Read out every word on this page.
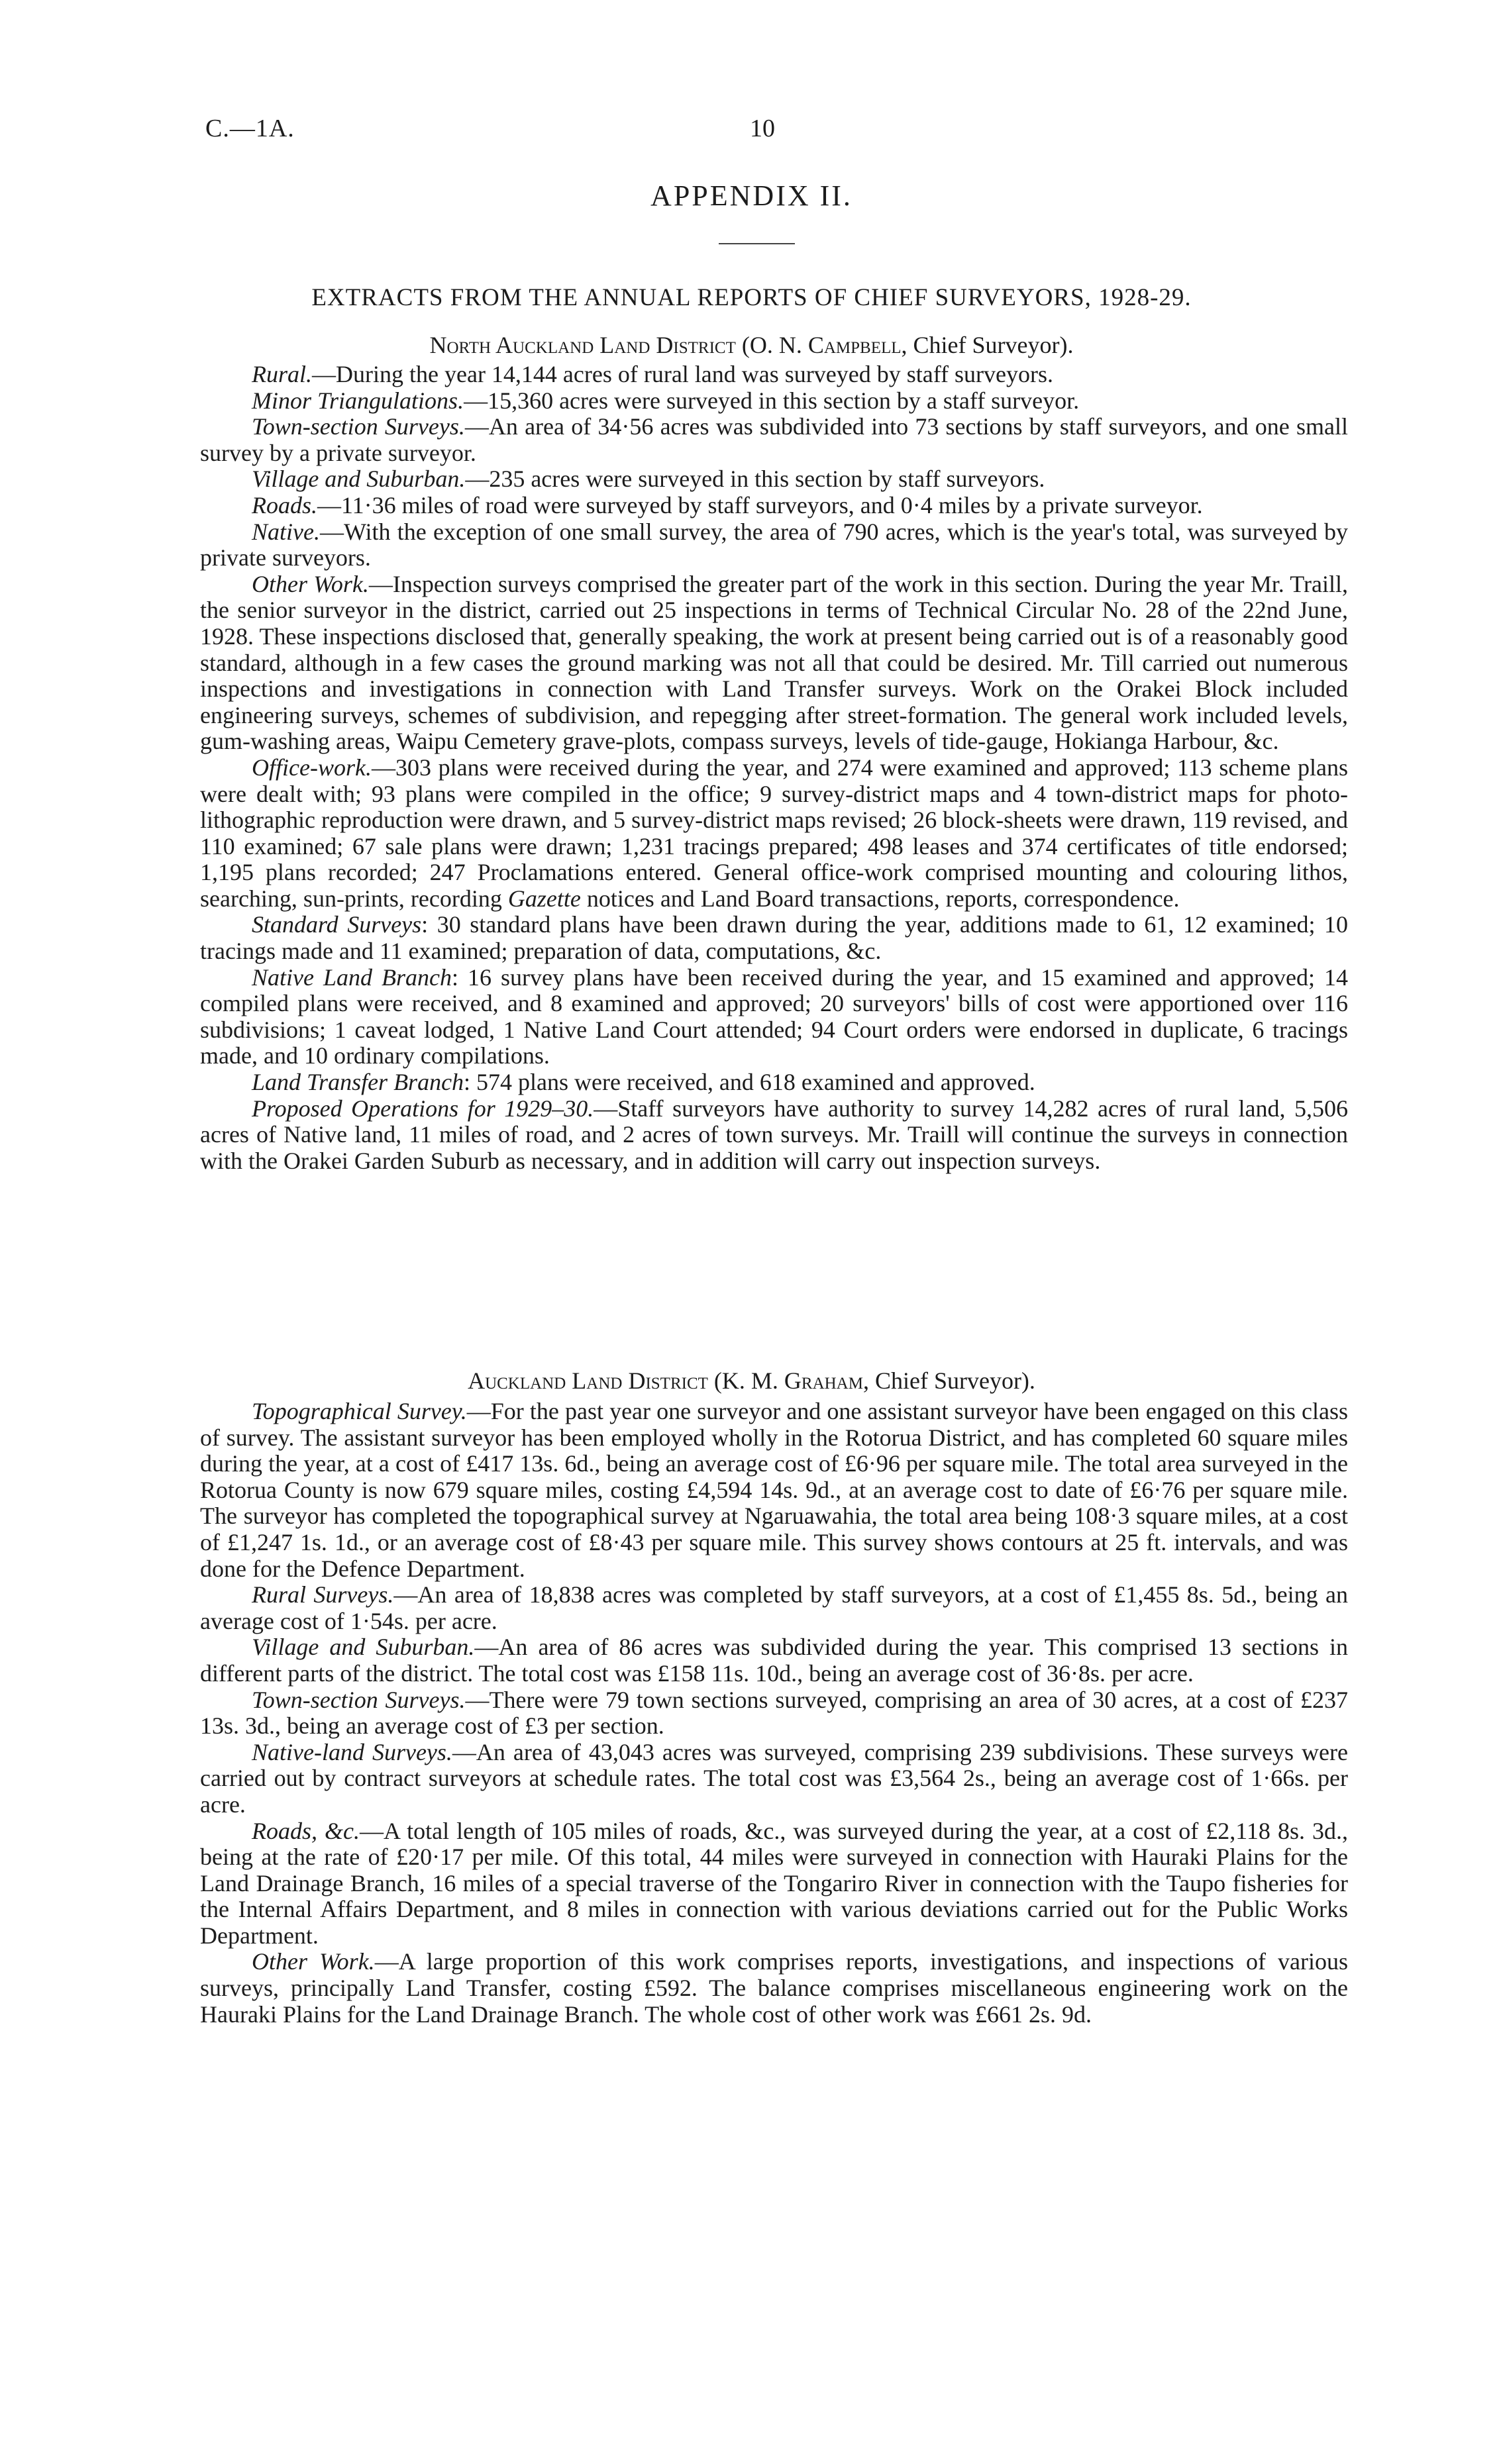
C.—1A.	10
APPENDIX II.
EXTRACTS FROM THE ANNUAL REPORTS OF CHIEF SURVEYORS, 1928-29.
North Auckland Land District (O. N. Campbell, Chief Surveyor).

Rural.—During the year 14,144 acres of rural land was surveyed by staff surveyors.

Minor Triangulations.—15,360 acres were surveyed in this section by a staff surveyor.

Town-section Surveys.—An area of 34·56 acres was subdivided into 73 sections by staff surveyors, and one small survey by a private surveyor.

Village and Suburban.—235 acres were surveyed in this section by staff surveyors.

Roads.—11·36 miles of road were surveyed by staff surveyors, and 0·4 miles by a private surveyor.

Native.—With the exception of one small survey, the area of 790 acres, which is the year's total, was surveyed by private surveyors.

Other Work.—Inspection surveys comprised the greater part of the work in this section. During the year Mr. Traill, the senior surveyor in the district, carried out 25 inspections in terms of Technical Circular No. 28 of the 22nd June, 1928. These inspections disclosed that, generally speaking, the work at present being carried out is of a reasonably good standard, although in a few cases the ground marking was not all that could be desired. Mr. Till carried out numerous inspections and investigations in connection with Land Transfer surveys. Work on the Orakei Block included engineering surveys, schemes of subdivision, and repegging after street-formation. The general work included levels, gum-washing areas, Waipu Cemetery grave-plots, compass surveys, levels of tide-gauge, Hokianga Harbour, &c.

Office-work.—303 plans were received during the year, and 274 were examined and approved; 113 scheme plans were dealt with; 93 plans were compiled in the office; 9 survey-district maps and 4 town-district maps for photo-lithographic reproduction were drawn, and 5 survey-district maps revised; 26 block-sheets were drawn, 119 revised, and 110 examined; 67 sale plans were drawn; 1,231 tracings prepared; 498 leases and 374 certificates of title endorsed; 1,195 plans recorded; 247 Proclamations entered. General office-work comprised mounting and colouring lithos, searching, sun-prints, recording Gazette notices and Land Board transactions, reports, correspondence.

Standard Surveys: 30 standard plans have been drawn during the year, additions made to 61, 12 examined; 10 tracings made and 11 examined; preparation of data, computations, &c.

Native Land Branch: 16 survey plans have been received during the year, and 15 examined and approved; 14 compiled plans were received, and 8 examined and approved; 20 surveyors' bills of cost were apportioned over 116 subdivisions; 1 caveat lodged, 1 Native Land Court attended; 94 Court orders were endorsed in duplicate, 6 tracings made, and 10 ordinary compilations.

Land Transfer Branch: 574 plans were received, and 618 examined and approved.

Proposed Operations for 1929–30.—Staff surveyors have authority to survey 14,282 acres of rural land, 5,506 acres of Native land, 11 miles of road, and 2 acres of town surveys. Mr. Traill will continue the surveys in connection with the Orakei Garden Suburb as necessary, and in addition will carry out inspection surveys.

Auckland Land District (K. M. Graham, Chief Surveyor).

Topographical Survey.—For the past year one surveyor and one assistant surveyor have been engaged on this class of survey. The assistant surveyor has been employed wholly in the Rotorua District, and has completed 60 square miles during the year, at a cost of £417 13s. 6d., being an average cost of £6·96 per square mile. The total area surveyed in the Rotorua County is now 679 square miles, costing £4,594 14s. 9d., at an average cost to date of £6·76 per square mile. The surveyor has completed the topographical survey at Ngaruawahia, the total area being 108·3 square miles, at a cost of £1,247 1s. 1d., or an average cost of £8·43 per square mile. This survey shows contours at 25 ft. intervals, and was done for the Defence Department.

Rural Surveys.—An area of 18,838 acres was completed by staff surveyors, at a cost of £1,455 8s. 5d., being an average cost of 1·54s. per acre.

Village and Suburban.—An area of 86 acres was subdivided during the year. This comprised 13 sections in different parts of the district. The total cost was £158 11s. 10d., being an average cost of 36·8s. per acre.

Town-section Surveys.—There were 79 town sections surveyed, comprising an area of 30 acres, at a cost of £237 13s. 3d., being an average cost of £3 per section.

Native-land Surveys.—An area of 43,043 acres was surveyed, comprising 239 subdivisions. These surveys were carried out by contract surveyors at schedule rates. The total cost was £3,564 2s., being an average cost of 1·66s. per acre.

Roads, &c.—A total length of 105 miles of roads, &c., was surveyed during the year, at a cost of £2,118 8s. 3d., being at the rate of £20·17 per mile. Of this total, 44 miles were surveyed in connection with Hauraki Plains for the Land Drainage Branch, 16 miles of a special traverse of the Tongariro River in connection with the Taupo fisheries for the Internal Affairs Department, and 8 miles in connection with various deviations carried out for the Public Works Department.

Other Work.—A large proportion of this work comprises reports, investigations, and inspections of various surveys, principally Land Transfer, costing £592. The balance comprises miscellaneous engineering work on the Hauraki Plains for the Land Drainage Branch. The whole cost of other work was £661 2s. 9d.
